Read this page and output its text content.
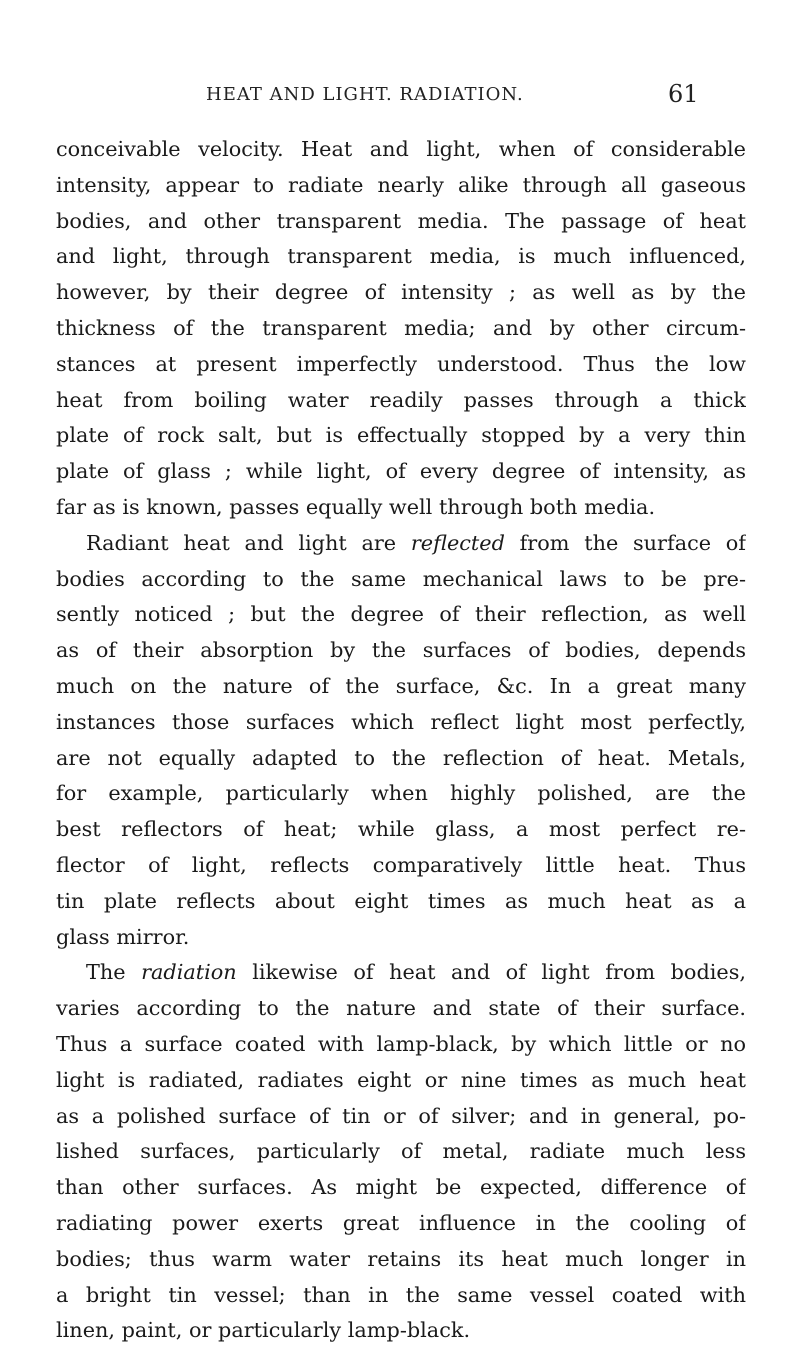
HEAT AND LIGHT. RADIATION.	61
conceivable velocity. Heat and light, when of considerable
intensity, appear to radiate nearly alike through all gaseous
bodies, and other transparent media. The passage of heat
and light, through transparent media, is much influenced,
however, by their degree of intensity ; as well as by the
thickness of the transparent media; and by other circum-
stances at present imperfectly understood. Thus the low
heat from boiling water readily passes through a thick
plate of rock salt, but is effectually stopped by a very thin
plate of glass ; while light, of every degree of intensity, as
far as is known, passes equally well through both media.
Radiant heat and light are reflected from the surface of
bodies according to the same mechanical laws to be pre-
sently noticed ; but the degree of their reflection, as well
as of their absorption by the surfaces of bodies, depends
much on the nature of the surface, &c. In a great many
instances those surfaces which reflect light most perfectly,
are not equally adapted to the reflection of heat. Metals,
for example, particularly when highly polished, are the
best reflectors of heat; while glass, a most perfect re-
flector of light, reflects comparatively little heat. Thus
tin plate reflects about eight times as much heat as a
glass mirror.
The radiation likewise of heat and of light from bodies,
varies according to the nature and state of their surface.
Thus a surface coated with lamp-black, by which little or no
light is radiated, radiates eight or nine times as much heat
as a polished surface of tin or of silver; and in general, po-
lished surfaces, particularly of metal, radiate much less
than other surfaces. As might be expected, difference of
radiating power exerts great influence in the cooling of
bodies; thus warm water retains its heat much longer in
a bright tin vessel; than in the same vessel coated with
linen, paint, or particularly lamp-black.
